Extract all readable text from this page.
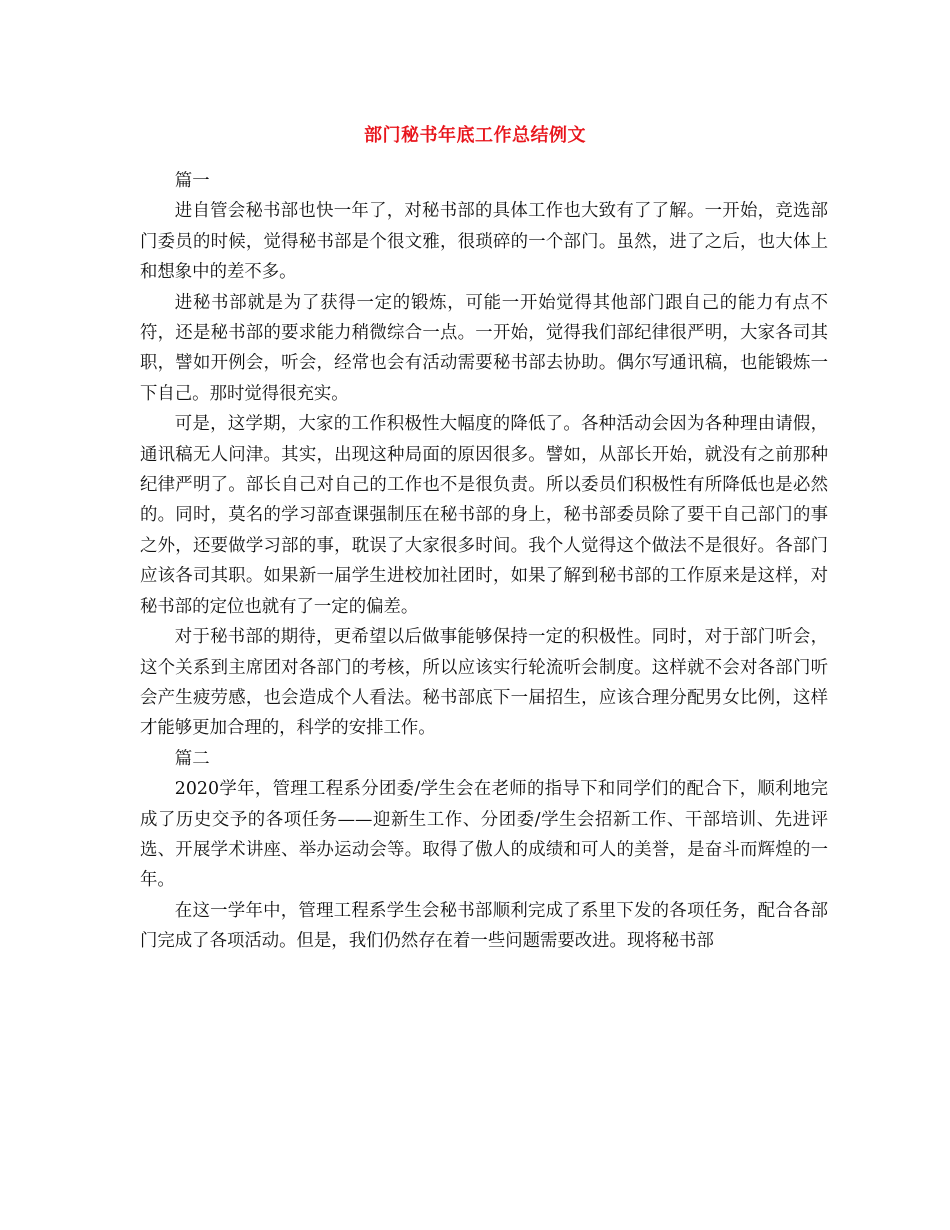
部门秘书年底工作总结例文

篇一

进自管会秘书部也快一年了，对秘书部的具体工作也大致有了了解。一开始，竞选部门委员的时候，觉得秘书部是个很文雅，很琐碎的一个部门。虽然，进了之后，也大体上和想象中的差不多。

进秘书部就是为了获得一定的锻炼，可能一开始觉得其他部门跟自己的能力有点不符，还是秘书部的要求能力稍微综合一点。一开始，觉得我们部纪律很严明，大家各司其职，譬如开例会，听会，经常也会有活动需要秘书部去协助。偶尔写通讯稿，也能锻炼一下自己。那时觉得很充实。

可是，这学期，大家的工作积极性大幅度的降低了。各种活动会因为各种理由请假，通讯稿无人问津。其实，出现这种局面的原因很多。譬如，从部长开始，就没有之前那种纪律严明了。部长自己对自己的工作也不是很负责。所以委员们积极性有所降低也是必然的。同时，莫名的学习部查课强制压在秘书部的身上，秘书部委员除了要干自己部门的事之外，还要做学习部的事，耽误了大家很多时间。我个人觉得这个做法不是很好。各部门应该各司其职。如果新一届学生进校加社团时，如果了解到秘书部的工作原来是这样，对秘书部的定位也就有了一定的偏差。

对于秘书部的期待，更希望以后做事能够保持一定的积极性。同时，对于部门听会，这个关系到主席团对各部门的考核，所以应该实行轮流听会制度。这样就不会对各部门听会产生疲劳感，也会造成个人看法。秘书部底下一届招生，应该合理分配男女比例，这样才能够更加合理的，科学的安排工作。

篇二

2020学年，管理工程系分团委/学生会在老师的指导下和同学们的配合下，顺利地完成了历史交予的各项任务——迎新生工作、分团委/学生会招新工作、干部培训、先进评选、开展学术讲座、举办运动会等。取得了傲人的成绩和可人的美誉，是奋斗而辉煌的一年。

在这一学年中，管理工程系学生会秘书部顺利完成了系里下发的各项任务，配合各部门完成了各项活动。但是，我们仍然存在着一些问题需要改进。现将秘书部
